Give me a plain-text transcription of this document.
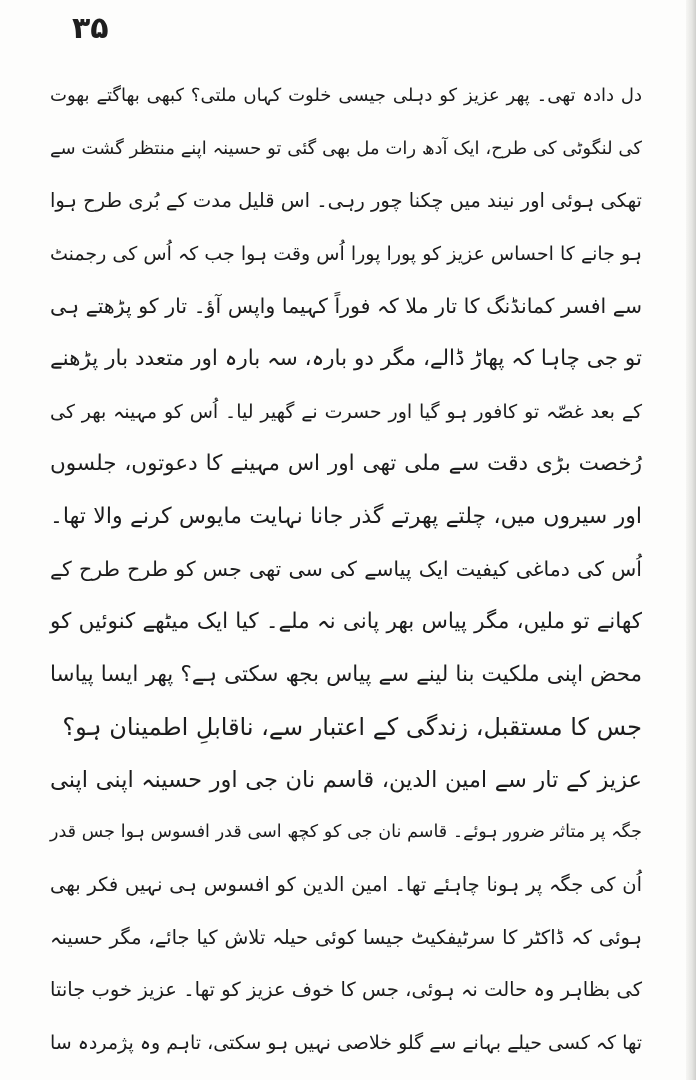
۳۵
دل دادہ تھی۔ پھر عزیز کو دہلی جیسی خلوت کہاں ملتی؟ کبھی بھاگتے بھوت
کی لنگوٹی کی طرح، ایک آدھ رات مل بھی گئی تو حسینہ اپنے منتظر گشت سے
تھکی ہوئی اور نیند میں چکنا چور رہی۔ اس قلیل مدت کے بُری طرح ہوا
ہو جانے کا احساس عزیز کو پورا پورا اُس وقت ہوا جب کہ اُس کی رجمنٹ
سے افسر کمانڈنگ کا تار ملا کہ فوراً کہیما واپس آؤ۔ تار کو پڑھتے ہی
تو جی چاہا کہ پھاڑ ڈالے، مگر دو بارہ، سہ بارہ اور متعدد بار پڑھنے
کے بعد غصّہ تو کافور ہو گیا اور حسرت نے گھیر لیا۔ اُس کو مہینہ بھر کی
رُخصت بڑی دقت سے ملی تھی اور اس مہینے کا دعوتوں، جلسوں
اور سیروں میں، چلتے پھرتے گذر جانا نہایت مایوس کرنے والا تھا۔
اُس کی دماغی کیفیت ایک پیاسے کی سی تھی جس کو طرح طرح کے
کھانے تو ملیں، مگر پیاس بھر پانی نہ ملے۔ کیا ایک میٹھے کنوئیں کو
محض اپنی ملکیت بنا لینے سے پیاس بجھ سکتی ہے؟ پھر ایسا پیاسا
جس کا مستقبل، زندگی کے اعتبار سے، ناقابلِ اطمینان ہو؟
عزیز کے تار سے امین الدین، قاسم نان جی اور حسینہ اپنی اپنی
جگہ پر متاثر ضرور ہوئے۔ قاسم نان جی کو کچھ اسی قدر افسوس ہوا جس قدر
اُن کی جگہ پر ہونا چاہئے تھا۔ امین الدین کو افسوس ہی نہیں فکر بھی
ہوئی کہ ڈاکٹر کا سرٹیفکیٹ جیسا کوئی حیلہ تلاش کیا جائے، مگر حسینہ
کی بظاہر وہ حالت نہ ہوئی، جس کا خوف عزیز کو تھا۔ عزیز خوب جانتا
تھا کہ کسی حیلے بہانے سے گلو خلاصی نہیں ہو سکتی، تاہم وہ پژمردہ سا
